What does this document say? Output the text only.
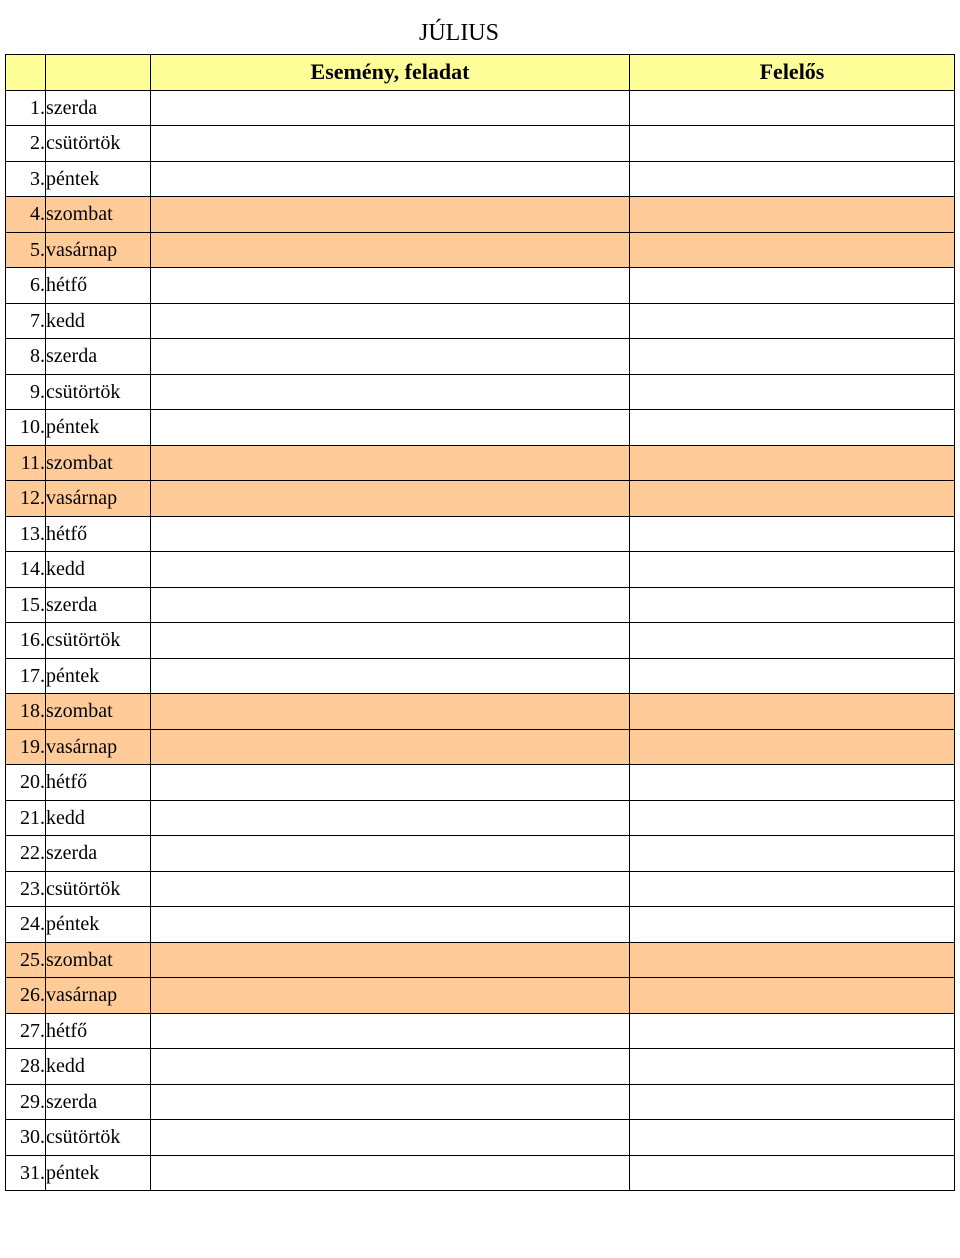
JÚLIUS
		Esemény, feladat	Felelős
1.	szerda		
2.	csütörtök		
3.	péntek		
4.	szombat		
5.	vasárnap		
6.	hétfő		
7.	kedd		
8.	szerda		
9.	csütörtök		
10.	péntek		
11.	szombat		
12.	vasárnap		
13.	hétfő		
14.	kedd		
15.	szerda		
16.	csütörtök		
17.	péntek		
18.	szombat		
19.	vasárnap		
20.	hétfő		
21.	kedd		
22.	szerda		
23.	csütörtök		
24.	péntek		
25.	szombat		
26.	vasárnap		
27.	hétfő		
28.	kedd		
29.	szerda		
30.	csütörtök		
31.	péntek		
